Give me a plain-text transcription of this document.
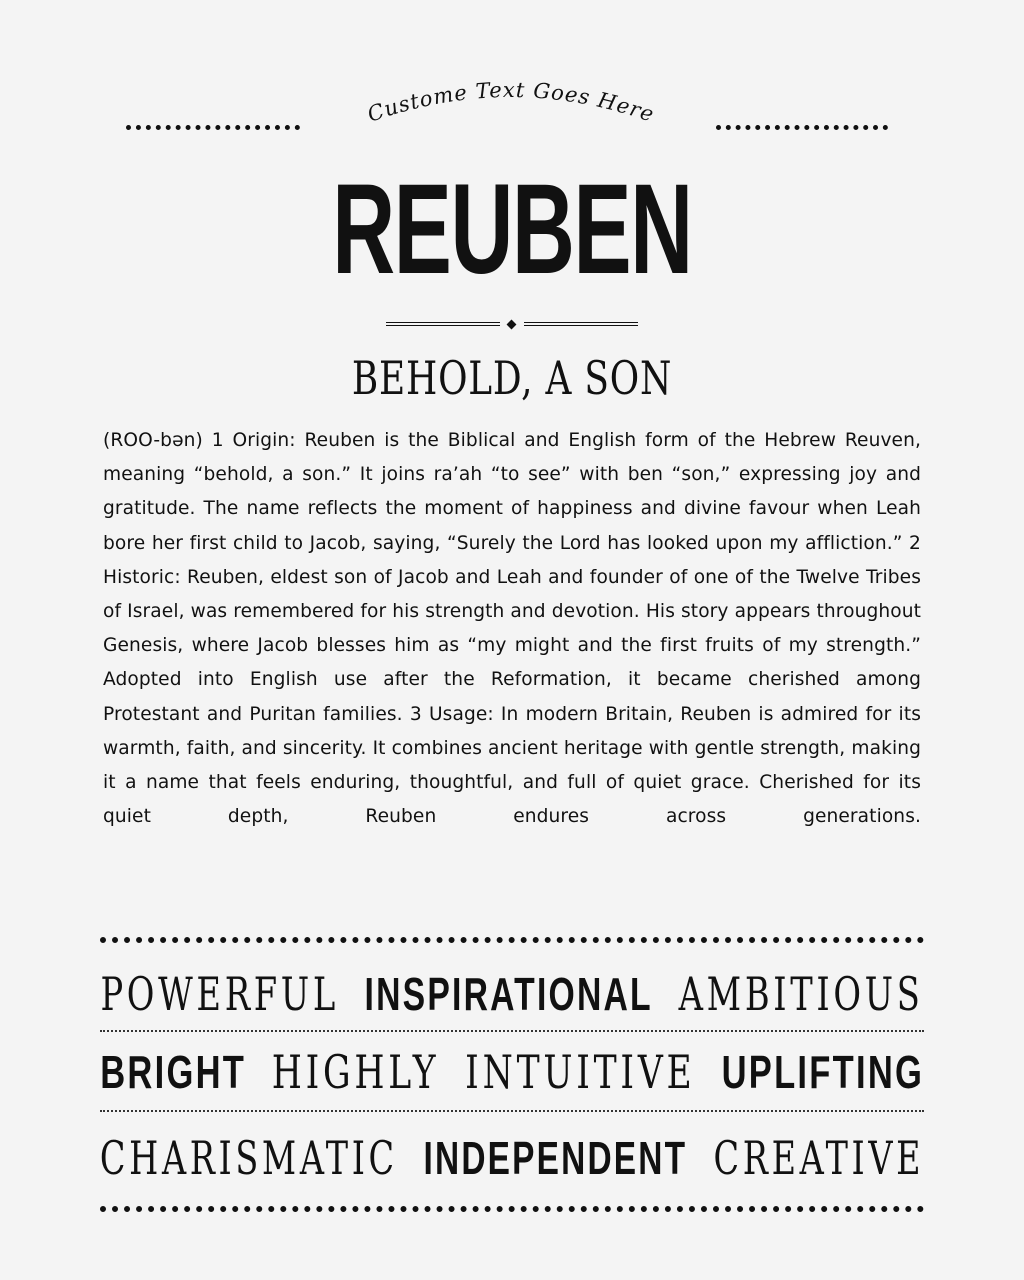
Custome Text Goes Here
REUBEN
BEHOLD, A SON
(ROO-bən) 1 Origin: Reuben is the Biblical and English form of the Hebrew Reuven, meaning “behold, a son.” It joins ra’ah “to see” with ben “son,” expressing joy and gratitude. The name reflects the moment of happiness and divine favour when Leah bore her first child to Jacob, saying, “Surely the Lord has looked upon my affliction.” 2 Historic: Reuben, eldest son of Jacob and Leah and founder of one of the Twelve Tribes of Israel, was remembered for his strength and devotion. His story appears throughout Genesis, where Jacob blesses him as “my might and the first fruits of my strength.” Adopted into English use after the Reformation, it became cherished among Protestant and Puritan families. 3 Usage: In modern Britain, Reuben is admired for its warmth, faith, and sincerity. It combines ancient heritage with gentle strength, making it a name that feels enduring, thoughtful, and full of quiet grace. Cherished for its quiet depth, Reuben endures across generations.
POWERFUL INSPIRATIONAL AMBITIOUS
BRIGHT HIGHLY INTUITIVE UPLIFTING
CHARISMATIC INDEPENDENT CREATIVE
